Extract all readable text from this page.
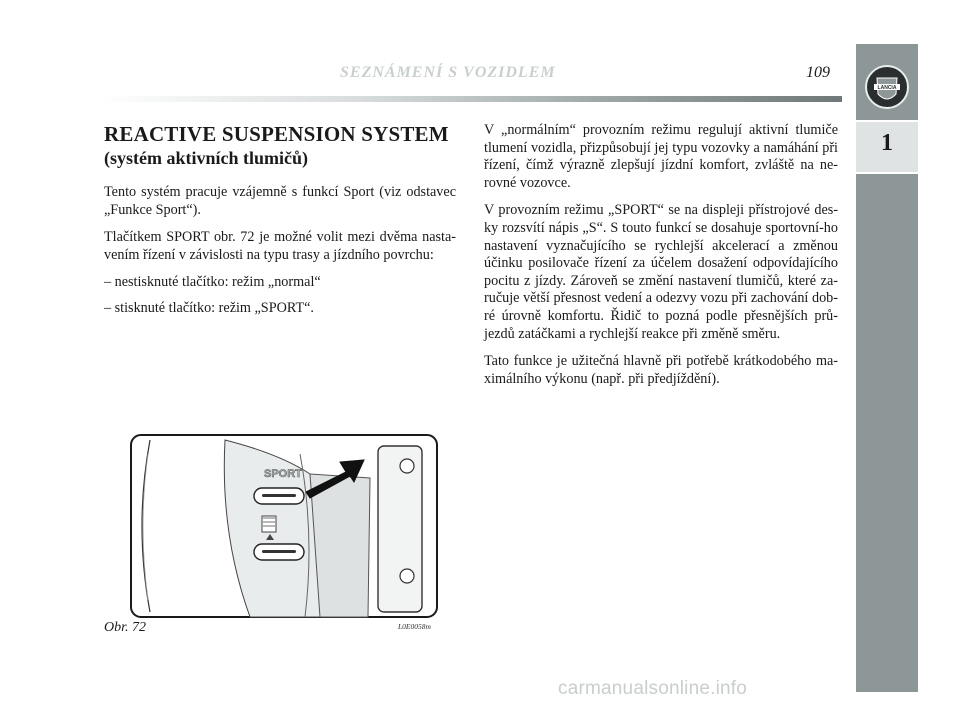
SEZNÁMENÍ S VOZIDLEM	109
LANCIA
1
REACTIVE SUSPENSION SYSTEM
(systém aktivních tlumičů)

Tento systém pracuje vzájemně s funkcí Sport (viz odstavec „Funkce Sport“).

Tlačítkem SPORT obr. 72 je možné volit mezi dvěma nasta-vením řízení v závislosti na typu trasy a jízdního povrchu:

– nestisknuté tlačítko: režim „normal“

– stisknuté tlačítko: režim „SPORT“.

V „normálním“ provozním režimu regulují aktivní tlumiče tlumení vozidla, přizpůsobují jej typu vozovky a namáhání při řízení, čímž výrazně zlepšují jízdní komfort, zvláště na ne-rovné vozovce.

V provozním režimu „SPORT“ se na displeji přístrojové des-ky rozsvítí nápis „S“. S touto funkcí se dosahuje sportovní-ho nastavení vyznačujícího se rychlejší akcelerací a změnou účinku posilovače řízení za účelem dosažení odpovídajícího pocitu z jízdy. Zároveň se změní nastavení tlumičů, které za-ručuje větší přesnost vedení a odezvy vozu při zachování dob-ré úrovně komfortu. Řidič to pozná podle přesnějších prů-jezdů zatáčkami a rychlejší reakce při změně směru.

Tato funkce je užitečná hlavně při potřebě krátkodobého ma-ximálního výkonu (např. při předjíždění).

SPORT
Obr. 72	L0E0058m
carmanualsonline.info
